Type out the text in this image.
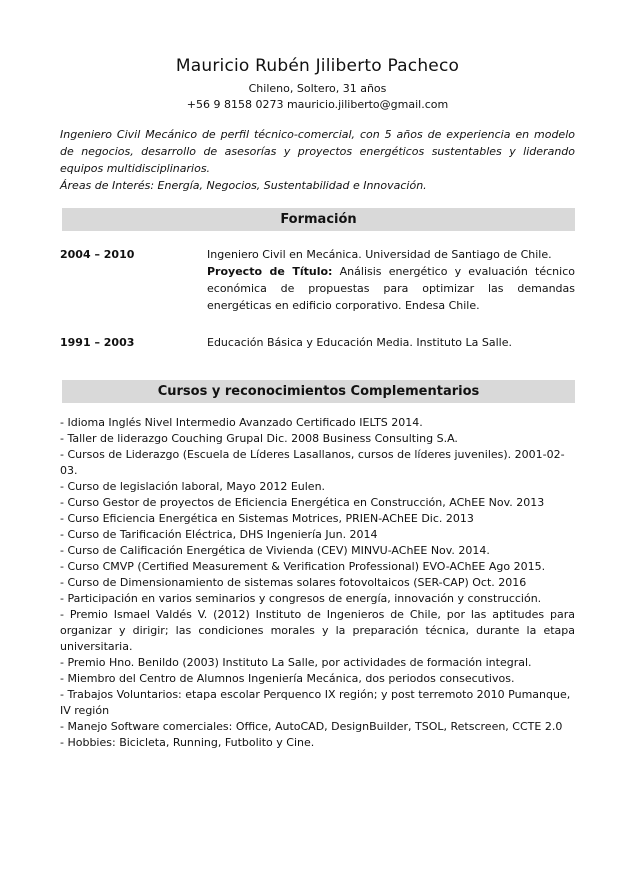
Mauricio Rubén Jiliberto Pacheco
Chileno, Soltero, 31 años
+56 9 8158 0273 mauricio.jiliberto@gmail.com

Ingeniero Civil Mecánico de perfil técnico-comercial, con 5 años de experiencia en modelo de negocios, desarrollo de asesorías y proyectos energéticos sustentables y liderando equipos multidisciplinarios.

Áreas de Interés: Energía, Negocios, Sustentabilidad e Innovación.

Formación
2004 – 2010	Ingeniero Civil en Mecánica. Universidad de Santiago de Chile.
Proyecto de Título: Análisis energético y evaluación técnico económica de propuestas para optimizar las demandas energéticas en edificio corporativo. Endesa Chile.
1991 – 2003	Educación Básica y Educación Media. Instituto La Salle.
Cursos y reconocimientos Complementarios

- Idioma Inglés Nivel Intermedio Avanzado Certificado IELTS 2014.

- Taller de liderazgo Couching Grupal Dic. 2008 Business Consulting S.A.

- Cursos de Liderazgo (Escuela de Líderes Lasallanos, cursos de líderes juveniles). 2001-02-03.

- Curso de legislación laboral, Mayo 2012 Eulen.

- Curso Gestor de proyectos de Eficiencia Energética en Construcción, AChEE Nov. 2013

- Curso Eficiencia Energética en Sistemas Motrices, PRIEN-AChEE Dic. 2013

- Curso de Tarificación Eléctrica, DHS Ingeniería Jun. 2014

- Curso de Calificación Energética de Vivienda (CEV) MINVU-AChEE Nov. 2014.

- Curso CMVP (Certified Measurement & Verification Professional) EVO-AChEE Ago 2015.

- Curso de Dimensionamiento de sistemas solares fotovoltaicos (SER-CAP) Oct. 2016

- Participación en varios seminarios y congresos de energía, innovación y construcción.

- Premio Ismael Valdés V. (2012) Instituto de Ingenieros de Chile, por las aptitudes para organizar y dirigir; las condiciones morales y la preparación técnica, durante la etapa universitaria.

- Premio Hno. Benildo (2003) Instituto La Salle, por actividades de formación integral.

- Miembro del Centro de Alumnos Ingeniería Mecánica, dos periodos consecutivos.

- Trabajos Voluntarios: etapa escolar Perquenco IX región; y post terremoto 2010 Pumanque, IV región

- Manejo Software comerciales: Office, AutoCAD, DesignBuilder, TSOL, Retscreen, CCTE 2.0

- Hobbies: Bicicleta, Running, Futbolito y Cine.
